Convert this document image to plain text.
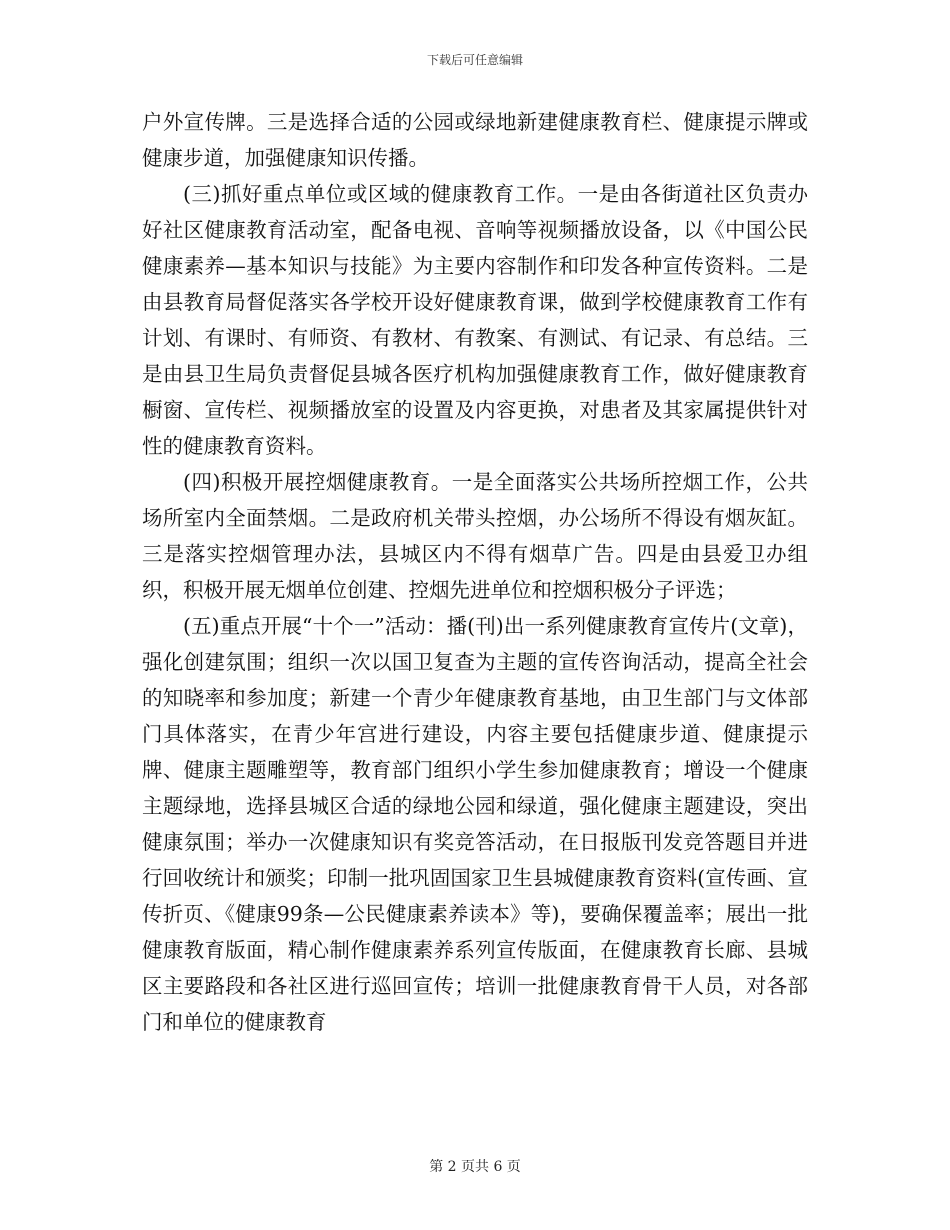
下载后可任意编辑

户外宣传牌。三是选择合适的公园或绿地新建健康教育栏、健康提示牌或健康步道，加强健康知识传播。

(三)抓好重点单位或区域的健康教育工作。一是由各街道社区负责办好社区健康教育活动室，配备电视、音响等视频播放设备，以《中国公民健康素养—基本知识与技能》为主要内容制作和印发各种宣传资料。二是由县教育局督促落实各学校开设好健康教育课，做到学校健康教育工作有计划、有课时、有师资、有教材、有教案、有测试、有记录、有总结。三是由县卫生局负责督促县城各医疗机构加强健康教育工作，做好健康教育橱窗、宣传栏、视频播放室的设置及内容更换，对患者及其家属提供针对性的健康教育资料。

(四)积极开展控烟健康教育。一是全面落实公共场所控烟工作，公共场所室内全面禁烟。二是政府机关带头控烟，办公场所不得设有烟灰缸。三是落实控烟管理办法，县城区内不得有烟草广告。四是由县爱卫办组织，积极开展无烟单位创建、控烟先进单位和控烟积极分子评选；

(五)重点开展“十个一”活动：播(刊)出一系列健康教育宣传片(文章)，强化创建氛围；组织一次以国卫复查为主题的宣传咨询活动，提高全社会的知晓率和参加度；新建一个青少年健康教育基地，由卫生部门与文体部门具体落实，在青少年宫进行建设，内容主要包括健康步道、健康提示牌、健康主题雕塑等，教育部门组织小学生参加健康教育；增设一个健康主题绿地，选择县城区合适的绿地公园和绿道，强化健康主题建设，突出健康氛围；举办一次健康知识有奖竞答活动，在日报版刊发竞答题目并进行回收统计和颁奖；印制一批巩固国家卫生县城健康教育资料(宣传画、宣传折页、《健康99条—公民健康素养读本》等)，要确保覆盖率；展出一批健康教育版面，精心制作健康素养系列宣传版面，在健康教育长廊、县城区主要路段和各社区进行巡回宣传；培训一批健康教育骨干人员，对各部门和单位的健康教育

第 2 页共 6 页
